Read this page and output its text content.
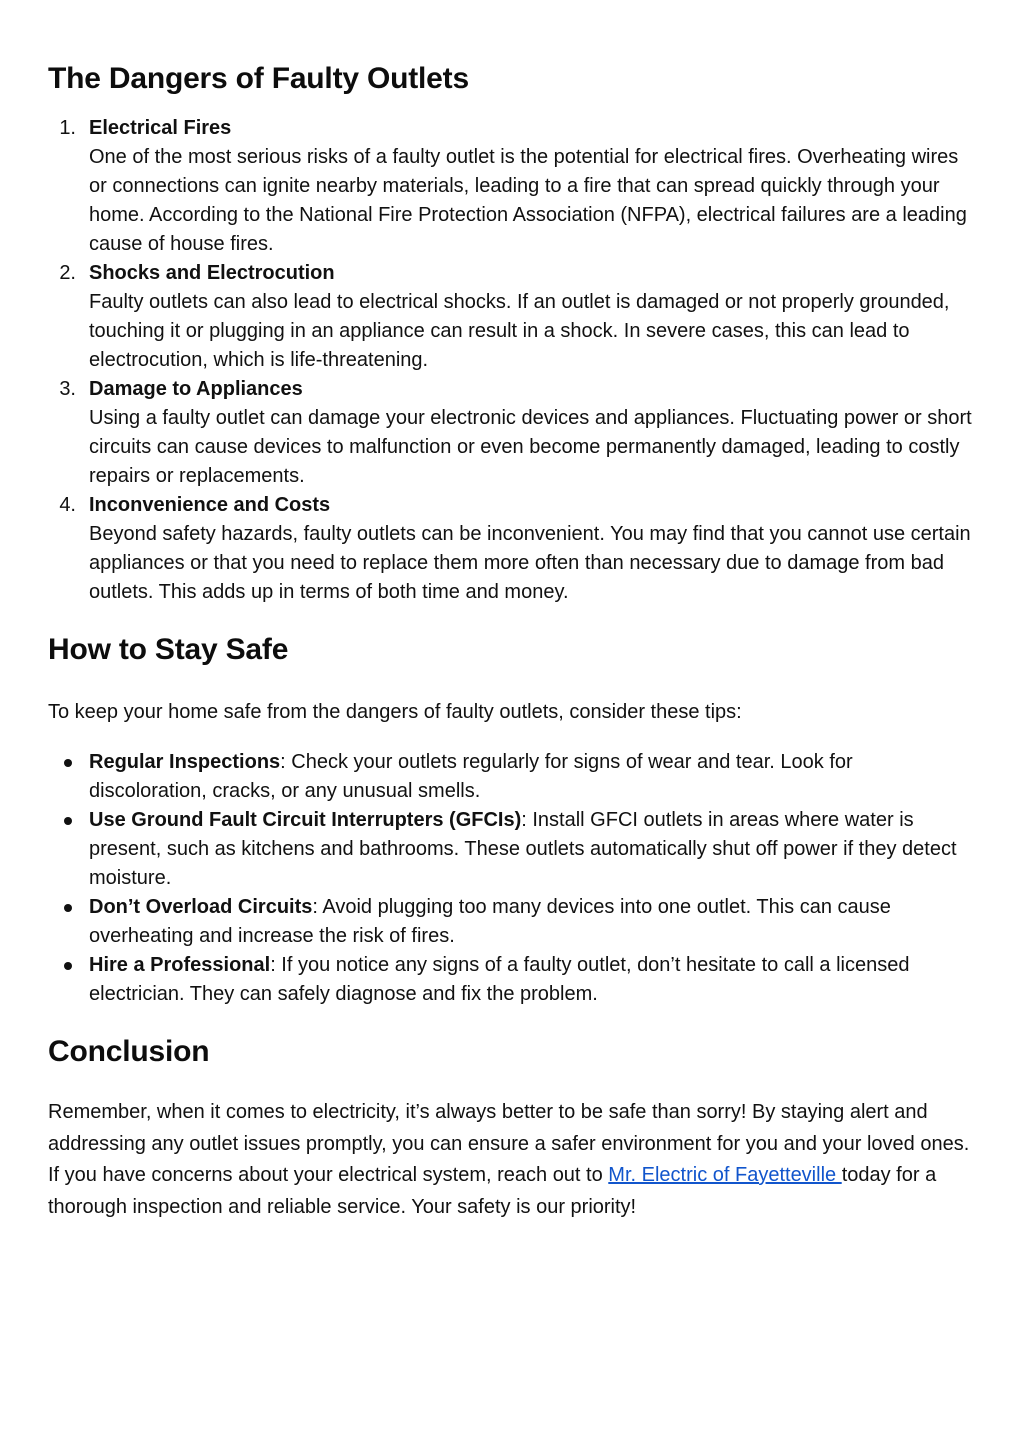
The Dangers of Faulty Outlets
1. Electrical Fires
One of the most serious risks of a faulty outlet is the potential for electrical fires. Overheating wires or connections can ignite nearby materials, leading to a fire that can spread quickly through your home. According to the National Fire Protection Association (NFPA), electrical failures are a leading cause of house fires.
2. Shocks and Electrocution
Faulty outlets can also lead to electrical shocks. If an outlet is damaged or not properly grounded, touching it or plugging in an appliance can result in a shock. In severe cases, this can lead to electrocution, which is life-threatening.
3. Damage to Appliances
Using a faulty outlet can damage your electronic devices and appliances. Fluctuating power or short circuits can cause devices to malfunction or even become permanently damaged, leading to costly repairs or replacements.
4. Inconvenience and Costs
Beyond safety hazards, faulty outlets can be inconvenient. You may find that you cannot use certain appliances or that you need to replace them more often than necessary due to damage from bad outlets. This adds up in terms of both time and money.
How to Stay Safe

To keep your home safe from the dangers of faulty outlets, consider these tips:

Regular Inspections: Check your outlets regularly for signs of wear and tear. Look for discoloration, cracks, or any unusual smells.
Use Ground Fault Circuit Interrupters (GFCIs): Install GFCI outlets in areas where water is present, such as kitchens and bathrooms. These outlets automatically shut off power if they detect moisture.
Don’t Overload Circuits: Avoid plugging too many devices into one outlet. This can cause overheating and increase the risk of fires.
Hire a Professional: If you notice any signs of a faulty outlet, don’t hesitate to call a licensed electrician. They can safely diagnose and fix the problem.
Conclusion

Remember, when it comes to electricity, it’s always better to be safe than sorry! By staying alert and addressing any outlet issues promptly, you can ensure a safer environment for you and your loved ones. If you have concerns about your electrical system, reach out to Mr. Electric of Fayetteville today for a thorough inspection and reliable service. Your safety is our priority!
